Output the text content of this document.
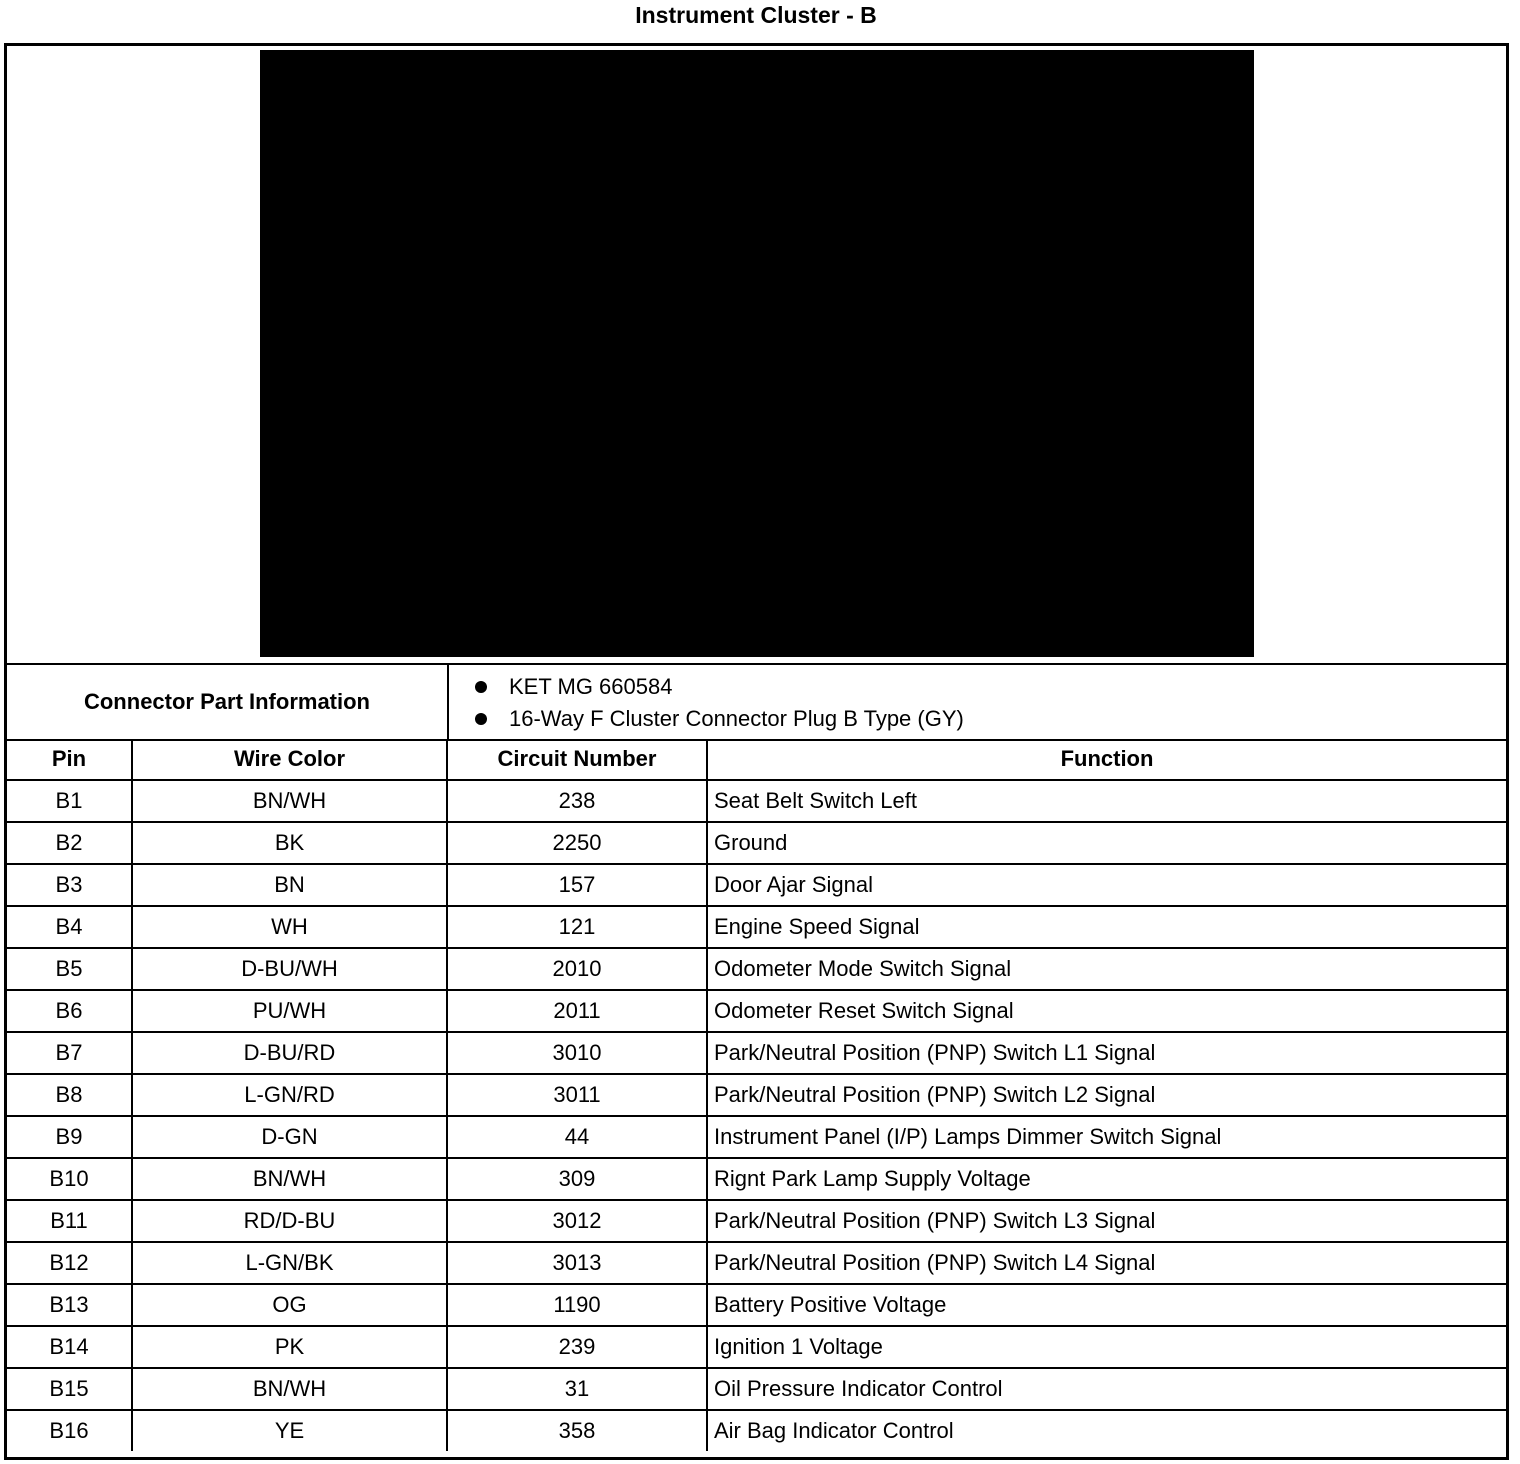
Instrument Cluster - B
Connector Part Information
KET MG 660584
16-Way F Cluster Connector Plug B Type (GY)
Pin	Wire Color	Circuit Number	Function
B1	BN/WH	238	Seat Belt Switch Left
B2	BK	2250	Ground
B3	BN	157	Door Ajar Signal
B4	WH	121	Engine Speed Signal
B5	D-BU/WH	2010	Odometer Mode Switch Signal
B6	PU/WH	2011	Odometer Reset Switch Signal
B7	D-BU/RD	3010	Park/Neutral Position (PNP) Switch L1 Signal
B8	L-GN/RD	3011	Park/Neutral Position (PNP) Switch L2 Signal
B9	D-GN	44	Instrument Panel (I/P) Lamps Dimmer Switch Signal
B10	BN/WH	309	Rignt Park Lamp Supply Voltage
B11	RD/D-BU	3012	Park/Neutral Position (PNP) Switch L3 Signal
B12	L-GN/BK	3013	Park/Neutral Position (PNP) Switch L4 Signal
B13	OG	1190	Battery Positive Voltage
B14	PK	239	Ignition 1 Voltage
B15	BN/WH	31	Oil Pressure Indicator Control
B16	YE	358	Air Bag Indicator Control
